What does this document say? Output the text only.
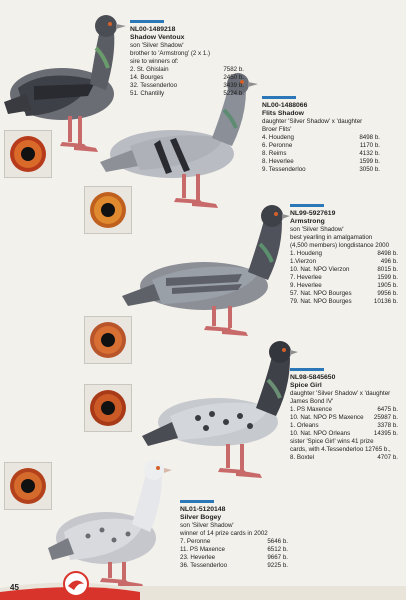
NL00-1489218
Shadow Ventoux
son 'Silver Shadow'
brother to 'Armstrong' (2 x 1.)
sire to winners of:
2. St. Ghislain	7582 b.
14. Bourges	2450 b.
32. Tessenderloo	3439 b.
51. Chantilly	5224 b.
NL00-1488066
Flits Shadow
daughter 'Silver Shadow' x 'daughter
Broer Flits'
4. Houdeng	8498 b.
6. Peronne	1170 b.
8. Reims	4132 b.
8. Heverlee	1599 b.
9. Tessenderloo	3050 b.
NL99-5927619
Armstrong
son 'Silver Shadow'
best yearling in amalgamation
(4,500 members) longdistance 2000
1. Houdeng	8498 b.
1.Vierzon	496 b.
10. Nat. NPO Vierzon	8015 b.
7. Heverlee	1599 b.
9. Heverlee	1905 b.
57. Nat. NPO Bourges	9956 b.
79. Nat. NPO Bourges	10136 b.
NL98-5845650
Spice Girl
daughter 'Silver Shadow' x 'daughter
James Bond IV'
1. PS Maxence	6475 b.
10. Nat. NPO PS Maxence	25987 b.
1. Orleans	3378 b.
10. Nat. NPO Orleans	14395 b.
sister 'Spice Girl' wins 41 prize
cards, with 4.Tessenderloo 12765 b.,
8. Boxtel	4707 b.
NL01-5120148
Silver Bogey
son 'Silver Shadow'
winner of 14 prize cards in 2002
7. Peronne	5646 b.
11. PS Maxence	6512 b.
23. Heverlee	9667 b.
36. Tessenderloo	9225 b.
45
